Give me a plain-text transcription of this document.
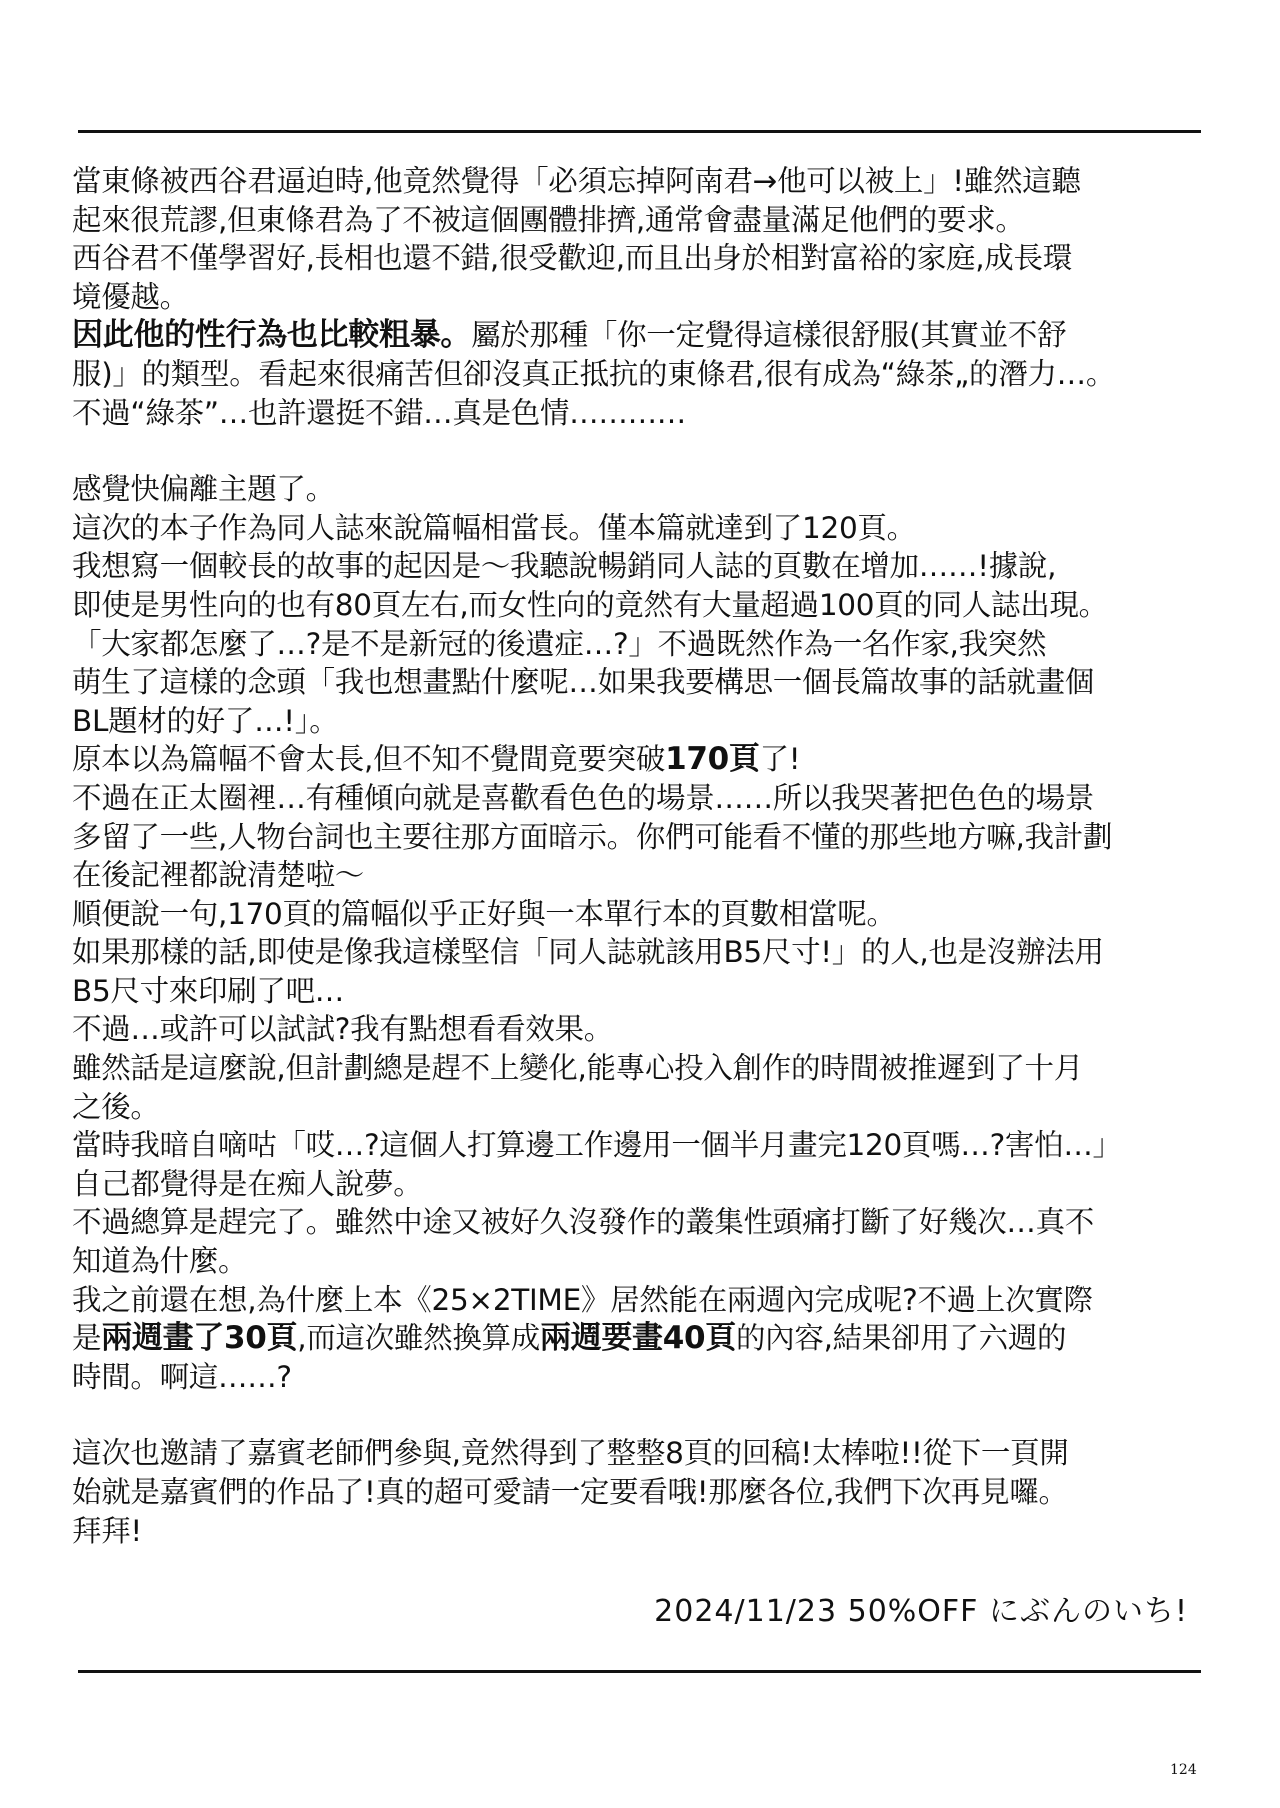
當東條被西谷君逼迫時,他竟然覺得「必須忘掉阿南君→他可以被上」!雖然這聽
起來很荒謬,但東條君為了不被這個團體排擠,通常會盡量滿足他們的要求。
西谷君不僅學習好,長相也還不錯,很受歡迎,而且出身於相對富裕的家庭,成長環
境優越。
因此他的性行為也比較粗暴。屬於那種「你一定覺得這樣很舒服(其實並不舒
服)」的類型。看起來很痛苦但卻沒真正抵抗的東條君,很有成為“綠茶„的潛力…。
不過“綠茶”…也許還挺不錯…真是色情…………

感覺快偏離主題了。
這次的本子作為同人誌來說篇幅相當長。僅本篇就達到了120頁。
我想寫一個較長的故事的起因是～我聽說暢銷同人誌的頁數在增加……!據說,
即使是男性向的也有80頁左右,而女性向的竟然有大量超過100頁的同人誌出現。
「大家都怎麼了…?是不是新冠的後遺症…?」不過既然作為一名作家,我突然
萌生了這樣的念頭「我也想畫點什麼呢…如果我要構思一個長篇故事的話就畫個
BL題材的好了…!」。
原本以為篇幅不會太長,但不知不覺間竟要突破170頁了!
不過在正太圈裡…有種傾向就是喜歡看色色的場景……所以我哭著把色色的場景
多留了一些,人物台詞也主要往那方面暗示。你們可能看不懂的那些地方嘛,我計劃
在後記裡都說清楚啦～
順便說一句,170頁的篇幅似乎正好與一本單行本的頁數相當呢。
如果那樣的話,即使是像我這樣堅信「同人誌就該用B5尺寸!」的人,也是沒辦法用
B5尺寸來印刷了吧…
不過…或許可以試試?我有點想看看效果。
雖然話是這麼說,但計劃總是趕不上變化,能專心投入創作的時間被推遲到了十月
之後。
當時我暗自嘀咕「哎…?這個人打算邊工作邊用一個半月畫完120頁嗎…?害怕…」
自己都覺得是在痴人說夢。
不過總算是趕完了。雖然中途又被好久沒發作的叢集性頭痛打斷了好幾次…真不
知道為什麼。
我之前還在想,為什麼上本《25×2TIME》居然能在兩週內完成呢?不過上次實際
是兩週畫了30頁,而這次雖然換算成兩週要畫40頁的內容,結果卻用了六週的
時間。啊這……?

這次也邀請了嘉賓老師們參與,竟然得到了整整8頁的回稿!太棒啦!!從下一頁開
始就是嘉賓們的作品了!真的超可愛請一定要看哦!那麼各位,我們下次再見囉。
拜拜!

2024/11/23 50%OFF にぶんのいち!
124
